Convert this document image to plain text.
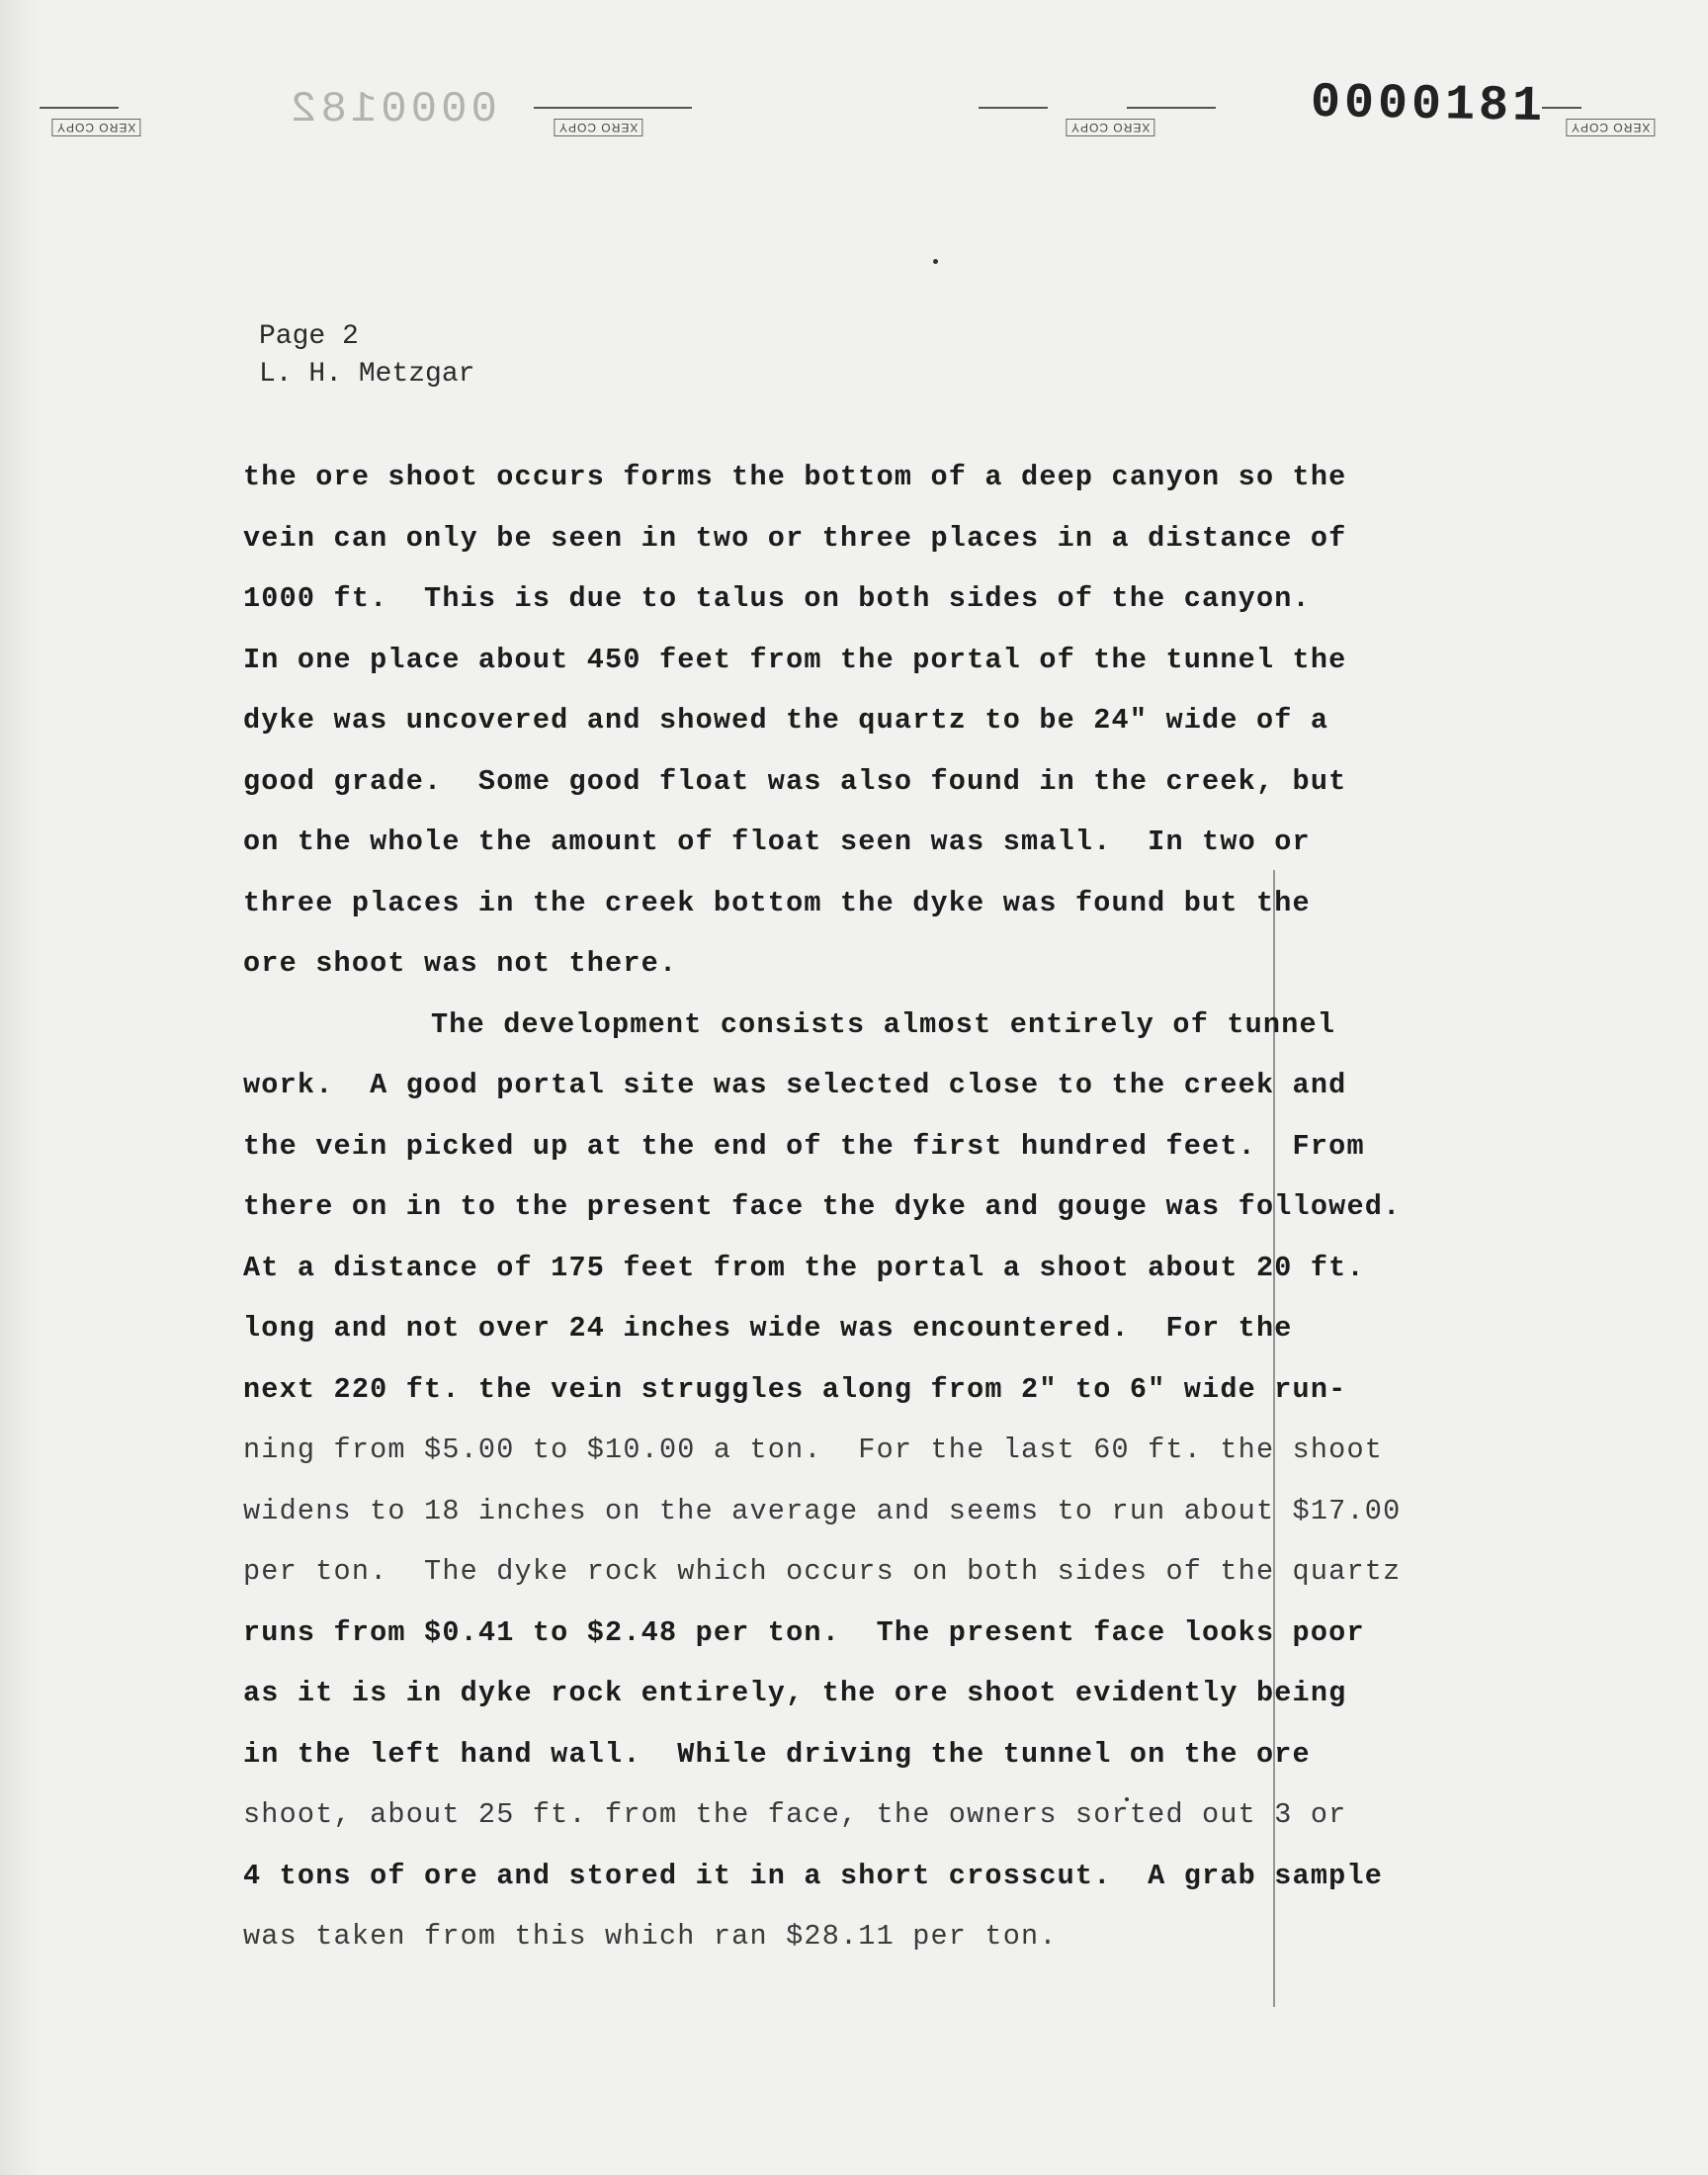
XERO COPY	XERO COPY	XERO COPY	XERO COPY
0000182	0000181
Page 2
L. H. Metzgar
the ore shoot occurs forms the bottom of a deep canyon so the
vein can only be seen in two or three places in a distance of
1000 ft.  This is due to talus on both sides of the canyon.
In one place about 450 feet from the portal of the tunnel the
dyke was uncovered and showed the quartz to be 24" wide of a
good grade.  Some good float was also found in the creek, but
on the whole the amount of float seen was small.  In two or
three places in the creek bottom the dyke was found but the
ore shoot was not there.
The development consists almost entirely of tunnel
work.  A good portal site was selected close to the creek and
the vein picked up at the end of the first hundred feet.  From
there on in to the present face the dyke and gouge was followed.
At a distance of 175 feet from the portal a shoot about 20 ft.
long and not over 24 inches wide was encountered.  For the
next 220 ft. the vein struggles along from 2" to 6" wide run-
ning from $5.00 to $10.00 a ton.  For the last 60 ft. the shoot
widens to 18 inches on the average and seems to run about $17.00
per ton.  The dyke rock which occurs on both sides of the quartz
runs from $0.41 to $2.48 per ton.  The present face looks poor
as it is in dyke rock entirely, the ore shoot evidently being
in the left hand wall.  While driving the tunnel on the ore
shoot, about 25 ft. from the face, the owners sorted out 3 or
4 tons of ore and stored it in a short crosscut.  A grab sample
was taken from this which ran $28.11 per ton.
